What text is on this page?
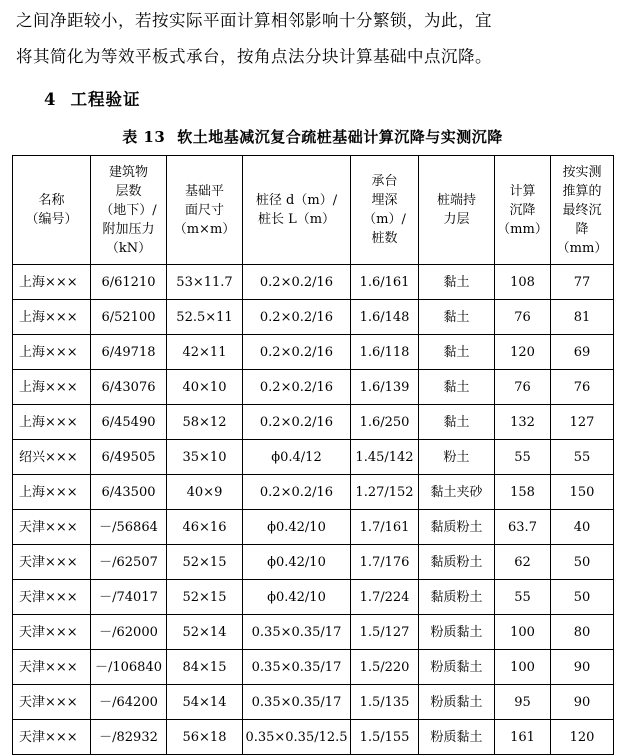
之间净距较小，若按实际平面计算相邻影响十分繁锁，为此，宜

将其简化为等效平板式承台，按角点法分块计算基础中点沉降。

4 工程验证
表 13 软土地基减沉复合疏桩基础计算沉降与实测沉降
名称
（编号）	建筑物
层数
（地下）/
附加压力
（kN）	基础平
面尺寸
（m×m）	桩径 d（m）/
桩长 L（m）	承台
埋深
（m）/
桩数	桩端持
力层	计算
沉降
（mm）	按实测
推算的
最终沉
降
（mm）

上海×××	6/61210	53×11.7	0.2×0.2/16	1.6/161	黏土	108	77
上海×××	6/52100	52.5×11	0.2×0.2/16	1.6/148	黏土	76	81
上海×××	6/49718	42×11	0.2×0.2/16	1.6/118	黏土	120	69
上海×××	6/43076	40×10	0.2×0.2/16	1.6/139	黏土	76	76
上海×××	6/45490	58×12	0.2×0.2/16	1.6/250	黏土	132	127
绍兴×××	6/49505	35×10	ϕ0.4/12	1.45/142	粉土	55	55
上海×××	6/43500	40×9	0.2×0.2/16	1.27/152	黏土夹砂	158	150
天津×××	－/56864	46×16	ϕ0.42/10	1.7/161	黏质粉土	63.7	40
天津×××	－/62507	52×15	ϕ0.42/10	1.7/176	黏质粉土	62	50
天津×××	－/74017	52×15	ϕ0.42/10	1.7/224	黏质粉土	55	50
天津×××	－/62000	52×14	0.35×0.35/17	1.5/127	粉质黏土	100	80
天津×××	－/106840	84×15	0.35×0.35/17	1.5/220	粉质黏土	100	90
天津×××	－/64200	54×14	0.35×0.35/17	1.5/135	粉质黏土	95	90
天津×××	－/82932	56×18	0.35×0.35/12.5	1.5/155	粉质黏土	161	120
